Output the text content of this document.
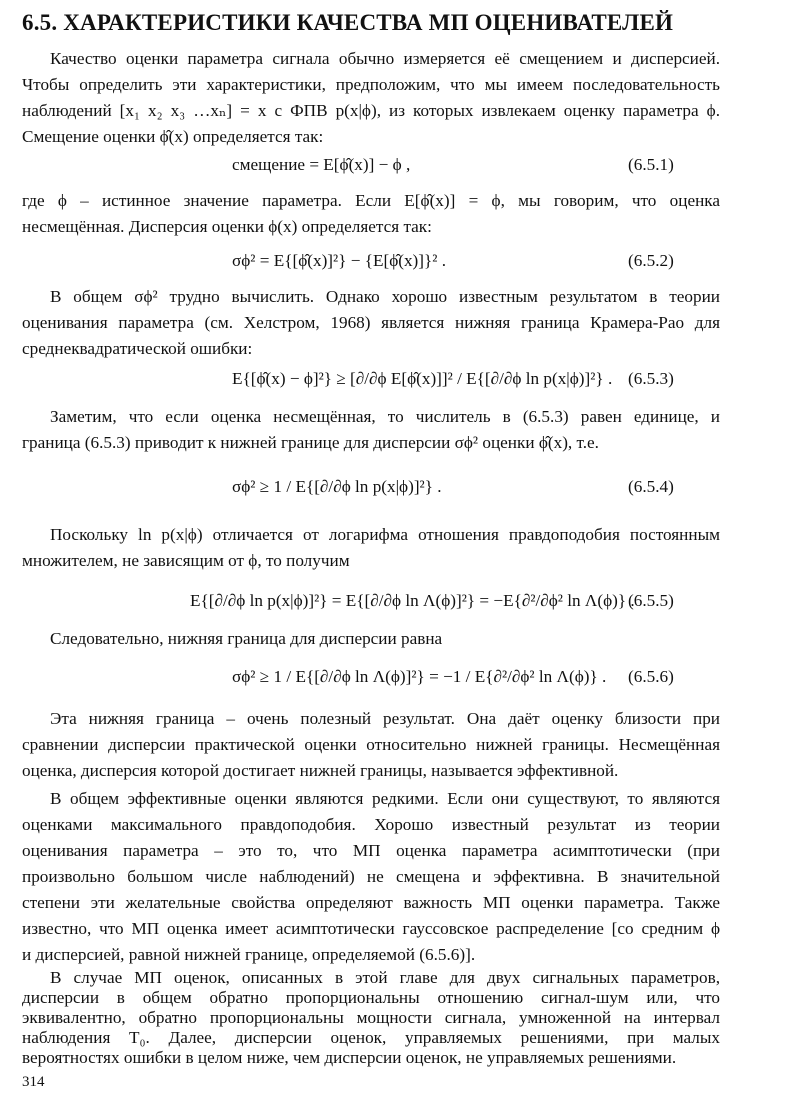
6.5. ХАРАКТЕРИСТИКИ КАЧЕСТВА МП ОЦЕНИВАТЕЛЕЙ
Качество оценки параметра сигнала обычно измеряется её смещением и дисперсией.
Чтобы определить эти характеристики, предположим, что мы имеем последовательность
наблюдений [x₁ x₂ x₃ …xₙ] = x с ФПВ p(x|ϕ), из которых извлекаем оценку параметра ϕ.
Смещение оценки ϕ̂(x) определяется так:
смещение = E[ϕ̂(x)] − ϕ ,	(6.5.1)
где ϕ – истинное значение параметра. Если E[ϕ̂(x)] = ϕ, мы говорим, что оценка
несмещённая. Дисперсия оценки ϕ(x) определяется так:
σϕ² = E{[ϕ̂(x)]²} − {E[ϕ̂(x)]}² .	(6.5.2)
В общем σϕ² трудно вычислить. Однако хорошо известным результатом в теории
оценивания параметра (см. Хелстром, 1968) является нижняя граница Крамера-Рао для
среднеквадратической ошибки:
E{[ϕ̂(x) − ϕ]²} ≥ [∂/∂ϕ E[ϕ̂(x)]]² / E{[∂/∂ϕ ln p(x|ϕ)]²} . (6.5.3)
Заметим, что если оценка несмещённая, то числитель в (6.5.3) равен единице, и
граница (6.5.3) приводит к нижней границе для дисперсии σϕ² оценки ϕ̂(x), т.е.
σϕ² ≥ 1 / E{[∂/∂ϕ ln p(x|ϕ)]²} .	(6.5.4)
Поскольку ln p(x|ϕ) отличается от логарифма отношения правдоподобия постоянным
множителем, не зависящим от ϕ, то получим
E{[∂/∂ϕ ln p(x|ϕ)]²} = E{[∂/∂ϕ ln Λ(ϕ)]²} = −E{∂²/∂ϕ² ln Λ(ϕ)} .
(6.5.5)
Следовательно, нижняя граница для дисперсии равна
σϕ² ≥ 1 / E{[∂/∂ϕ ln Λ(ϕ)]²} = −1 / E{∂²/∂ϕ² ln Λ(ϕ)} . (6.5.6)
Эта нижняя граница – очень полезный результат. Она даёт оценку близости при
сравнении дисперсии практической оценки относительно нижней границы. Несмещённая
оценка, дисперсия которой достигает нижней границы, называется эффективной.
В общем эффективные оценки являются редкими. Если они существуют, то являются
оценками максимального правдоподобия. Хорошо известный результат из теории
оценивания параметра – это то, что МП оценка параметра асимптотически (при
произвольно большом числе наблюдений) не смещена и эффективна. В значительной
степени эти желательные свойства определяют важность МП оценки параметра. Также
известно, что МП оценка имеет асимптотически гауссовское распределение [со средним ϕ
и дисперсией, равной нижней границе, определяемой (6.5.6)].
314
В случае МП оценок, описанных в этой главе для двух сигнальных параметров,
дисперсии в общем обратно пропорциональны отношению сигнал-шум или, что
эквивалентно, обратно пропорциональны мощности сигнала, умноженной на интервал
наблюдения T₀. Далее, дисперсии оценок, управляемых решениями, при малых
вероятностях ошибки в целом ниже, чем дисперсии оценок, не управляемых решениями.
